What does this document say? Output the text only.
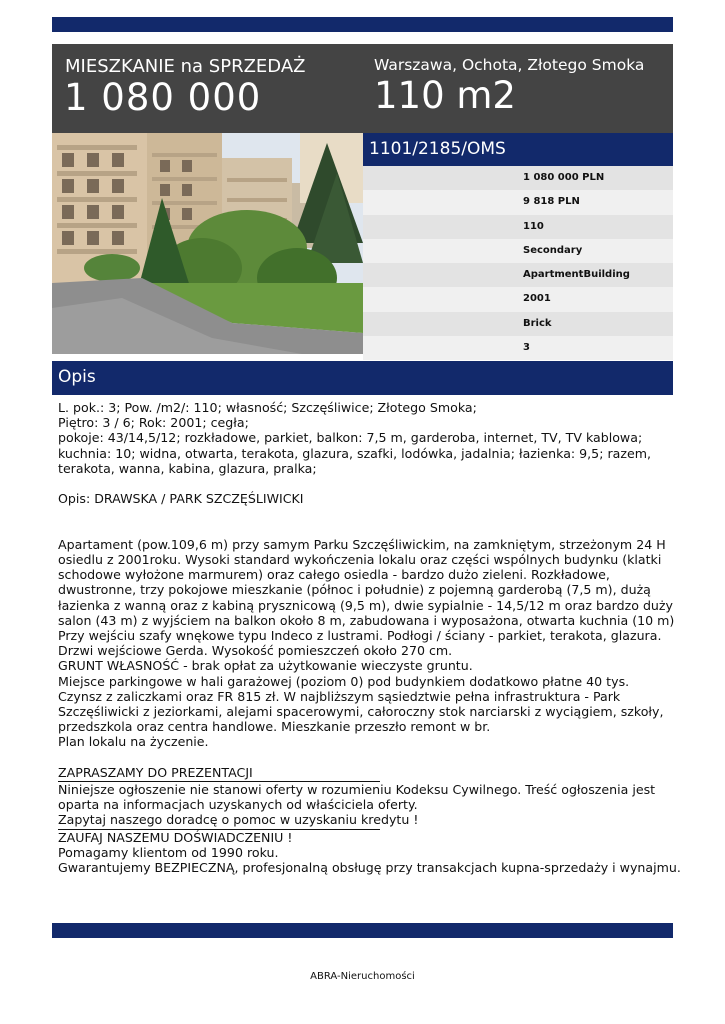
MIESZKANIE na SPRZEDAŻ
1 080 000
Warszawa, Ochota, Złotego Smoka
110 m2
1101/2185/OMS
1 080 000 PLN
9 818 PLN
110
Secondary
ApartmentBuilding
2001
Brick
3
Opis

L. pok.: 3; Pow. /m2/: 110; własność; Szczęśliwice; Złotego Smoka;

Piętro: 3 / 6; Rok: 2001; cegła;

pokoje: 43/14,5/12; rozkładowe, parkiet, balkon: 7,5 m, garderoba, internet, TV, TV kablowa;

kuchnia: 10; widna, otwarta, terakota, glazura, szafki, lodówka, jadalnia; łazienka: 9,5; razem,

terakota, wanna, kabina, glazura, pralka;

Opis: DRAWSKA / PARK SZCZĘŚLIWICKI

Apartament (pow.109,6 m) przy samym Parku Szczęśliwickim, na zamkniętym, strzeżonym 24 H

osiedlu z 2001roku. Wysoki standard wykończenia lokalu oraz części wspólnych budynku (klatki

schodowe wyłożone marmurem) oraz całego osiedla - bardzo dużo zieleni. Rozkładowe,

dwustronne, trzy pokojowe mieszkanie (północ i południe) z pojemną garderobą (7,5 m), dużą

łazienka z wanną oraz z kabiną prysznicową (9,5 m), dwie sypialnie - 14,5/12 m oraz bardzo duży

salon (43 m) z wyjściem na balkon około 8 m, zabudowana i wyposażona, otwarta kuchnia (10 m)

Przy wejściu szafy wnękowe typu Indeco z lustrami. Podłogi / ściany - parkiet, terakota, glazura.

Drzwi wejściowe Gerda. Wysokość pomieszczeń około 270 cm.

GRUNT WŁASNOŚĆ - brak opłat za użytkowanie wieczyste gruntu.

Miejsce parkingowe w hali garażowej (poziom 0) pod budynkiem dodatkowo płatne 40 tys.

Czynsz z zaliczkami oraz FR 815 zł. W najbliższym sąsiedztwie pełna infrastruktura - Park

Szczęśliwicki z jeziorkami, alejami spacerowymi, całoroczny stok narciarski z wyciągiem, szkoły,

przedszkola oraz centra handlowe. Mieszkanie przeszło remont w br.

Plan lokalu na życzenie.

ZAPRASZAMY DO PREZENTACJI

Niniejsze ogłoszenie nie stanowi oferty w rozumieniu Kodeksu Cywilnego. Treść ogłoszenia jest

oparta na informacjach uzyskanych od właściciela oferty.

Zapytaj naszego doradcę o pomoc w uzyskaniu kredytu !

ZAUFAJ NASZEMU DOŚWIADCZENIU !

Pomagamy klientom od 1990 roku.

Gwarantujemy BEZPIECZNĄ, profesjonalną obsługę przy transakcjach kupna-sprzedaży i wynajmu.

ABRA-Nieruchomości
